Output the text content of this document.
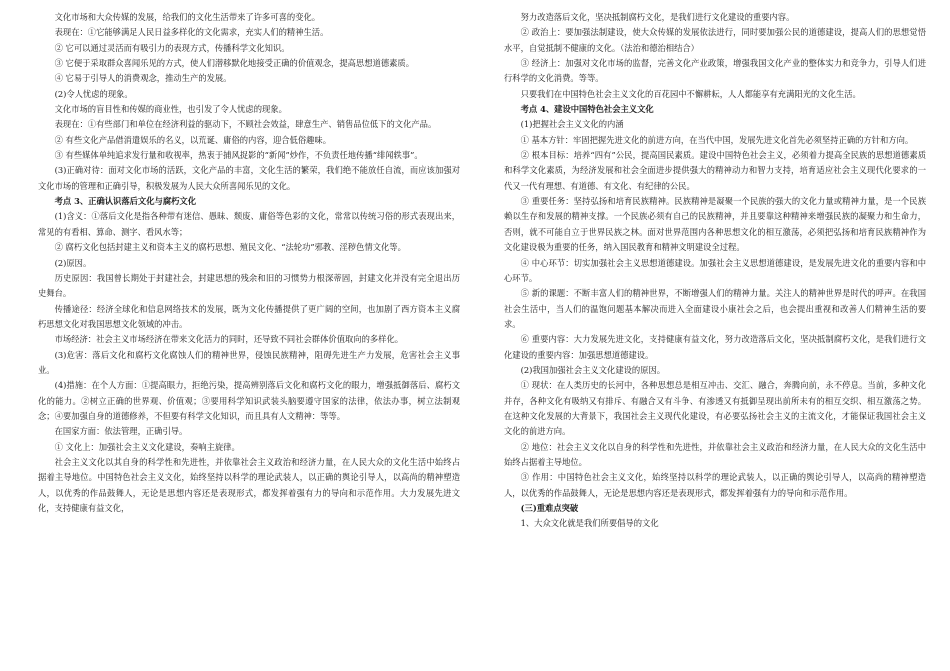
文化市场和大众传媒的发展，给我们的文化生活带来了许多可喜的变化。

表现在：①它能够满足人民日益多样化的文化需求，充实人们的精神生活。

② 它可以通过灵活而有吸引力的表现方式，传播科学文化知识。

③ 它便于采取群众喜闻乐见的方式，使人们潜移默化地接受正确的价值观念，提高思想道德素质。

④ 它易于引导人的消费观念，推动生产的发展。

(2)令人忧虑的现象。

文化市场的盲目性和传媒的商业性，也引发了令人忧虑的现象。

表现在：①有些部门和单位在经济利益的驱动下，不顾社会效益，肆意生产、销售品位低下的文化产品。

② 有些文化产品借消遣娱乐的名义，以荒诞、庸俗的内容，迎合低俗趣味。

③ 有些媒体单纯追求发行量和收视率，热衷于捕风捉影的“新闻”炒作，不负责任地传播“绯闻轶事”。

(3)正确对待：面对文化市场的活跃，文化产品的丰富，文化生活的繁荣，我们绝不能放任自流，而应该加强对文化市场的管理和正确引导，积极发展为人民大众所喜闻乐见的文化。

考点 3、正确认识落后文化与腐朽文化

(1)含义：①落后文化是指各种带有迷信、愚昧、颓废、庸俗等色彩的文化，常常以传统习俗的形式表现出来，常见的有看相、算命、测字、看风水等；

② 腐朽文化包括封建主义和资本主义的腐朽思想、殖民文化、“法轮功”邪教、淫秽色情文化等。

(2)原因。

历史原因：我国曾长期处于封建社会，封建思想的残余和旧的习惯势力根深蒂固，封建文化并没有完全退出历史舞台。

传播途径：经济全球化和信息网络技术的发展，既为文化传播提供了更广阔的空间，也加剧了西方资本主义腐朽思想文化对我国思想文化领域的冲击。

市场经济：社会主义市场经济在带来文化活力的同时，还导致不同社会群体价值取向的多样化。

(3)危害：落后文化和腐朽文化腐蚀人们的精神世界，侵蚀民族精神，阻碍先进生产力发展，危害社会主义事业。

(4)措施：在个人方面：①提高眼力，拒绝污染，提高辨别落后文化和腐朽文化的眼力，增强抵御落后、腐朽文化的能力。②树立正确的世界观、价值观；③要用科学知识武装头脑要遵守国家的法律，依法办事，树立法制观念；④要加强自身的道德修养，不但要有科学文化知识，而且具有人文精神：等等。

在国家方面：依法管理，正确引导。

① 文化上：加强社会主义文化建设，奏响主旋律。

社会主义文化以其自身的科学性和先进性，并依靠社会主义政治和经济力量，在人民大众的文化生活中始终占据着主导地位。中国特色社会主义文化，始终坚持以科学的理论武装人，以正确的舆论引导人，以高尚的精神塑造人，以优秀的作品鼓舞人，无论是思想内容还是表现形式，都发挥着强有力的导向和示范作用。大力发展先进文化，支持健康有益文化，

努力改造落后文化，坚决抵制腐朽文化，是我们进行文化建设的重要内容。

② 政治上：要加强法制建设，使大众传媒的发展依法进行，同时要加强公民的道德建设，提高人们的思想觉悟水平，自觉抵制不健康的文化。（法治和德治相结合）

③ 经济上：加强对文化市场的监督，完善文化产业政策，增强我国文化产业的整体实力和竞争力，引导人们进行科学的文化消费。等等。

只要我们在中国特色社会主义文化的百花园中不懈耕耘，人人都能享有充满阳光的文化生活。

考点 4、建设中国特色社会主义文化

(1)把握社会主义文化的内涵

① 基本方针：牢固把握先进文化的前进方向，在当代中国，发展先进文化首先必须坚持正确的方针和方向。

② 根本目标：培养“四有”公民，提高国民素质。建设中国特色社会主义，必须着力提高全民族的思想道德素质和科学文化素质，为经济发展和社会全面进步提供强大的精神动力和智力支持，培育适应社会主义现代化要求的一代又一代有理想、有道德、有文化、有纪律的公民。

③ 重要任务：坚持弘扬和培育民族精神。民族精神是凝聚一个民族的强大的文化力量或精神力量，是一个民族赖以生存和发展的精神支撑。一个民族必须有自己的民族精神，并且要靠这种精神来增强民族的凝聚力和生命力，否则，就不可能自立于世界民族之林。面对世界范围内各种思想文化的相互激荡，必须把弘扬和培育民族精神作为文化建设极为重要的任务，纳入国民教育和精神文明建设全过程。

④ 中心环节：切实加强社会主义思想道德建设。加强社会主义思想道德建设，是发展先进文化的重要内容和中心环节。

⑤ 新的课题：不断丰富人们的精神世界，不断增强人们的精神力量。关注人的精神世界是时代的呼声。在我国社会生活中，当人们的温饱问题基本解决而进入全面建设小康社会之后，也会提出重视和改善人们精神生活的要求。

⑥ 重要内容：大力发展先进文化，支持健康有益文化，努力改造落后文化，坚决抵制腐朽文化，是我们进行文化建设的重要内容：加强思想道德建设。

(2)我国加强社会主义文化建设的原因。

① 现状：在人类历史的长河中，各种思想总是相互冲击、交汇、融合，奔腾向前，永不停息。当前，多种文化并存，各种文化有吸纳又有排斥、有融合又有斗争、有渗透又有抵御呈现出前所未有的相互交织、相互激荡之势。在这种文化发展的大背景下，我国社会主义现代化建设，有必要弘扬社会主义的主流文化，才能保证我国社会主义文化的前进方向。

② 地位：社会主义文化以自身的科学性和先进性，并依靠社会主义政治和经济力量，在人民大众的文化生活中始终占据着主导地位。

③ 作用：中国特色社会主义文化，始终坚持以科学的理论武装人，以正确的舆论引导人，以高尚的精神塑造人，以优秀的作品鼓舞人，无论是思想内容还是表现形式，都发挥着强有力的导向和示范作用。

(三)重难点突破

1、大众文化就是我们所要倡导的文化
